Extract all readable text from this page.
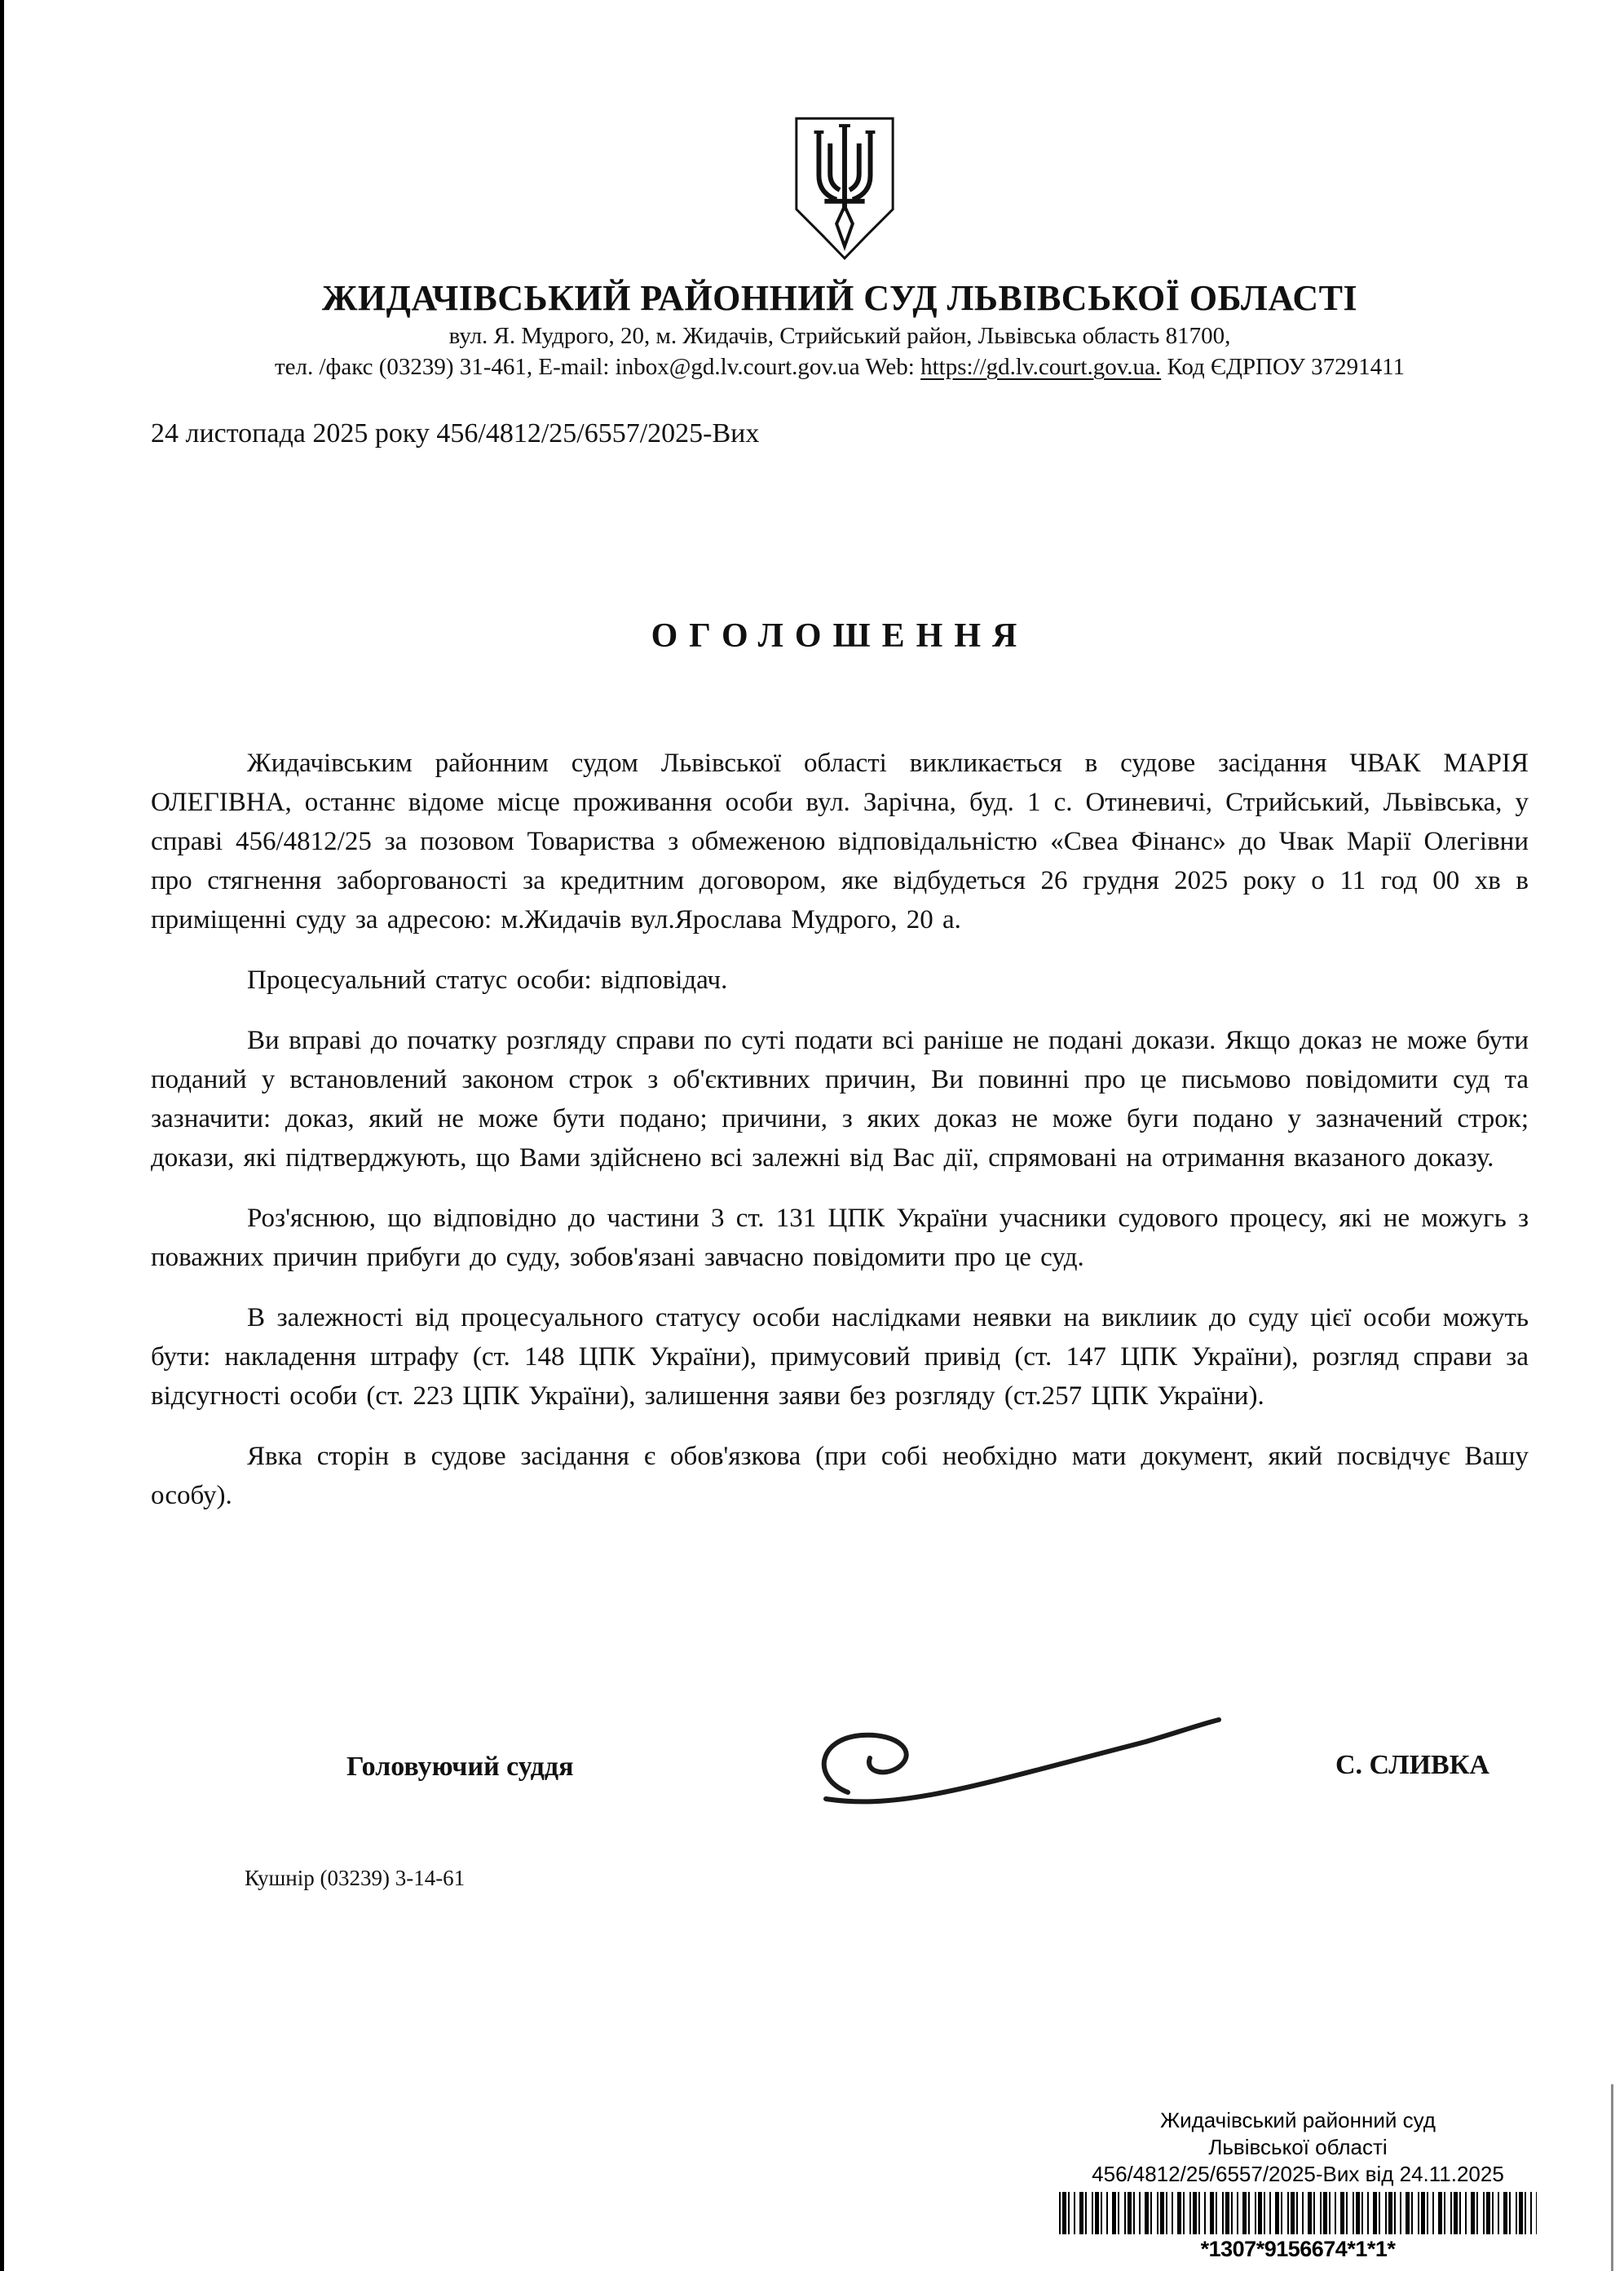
ЖИДАЧІВСЬКИЙ РАЙОННИЙ СУД ЛЬВІВСЬКОЇ ОБЛАСТІ
вул. Я. Мудрого, 20, м. Жидачів, Стрийський район, Львівська область 81700,
тел. /факс (03239) 31-461, E-mail: inbox@gd.lv.court.gov.ua Web: https://gd.lv.court.gov.ua. Код ЄДРПОУ 37291411
24 листопада 2025 року 456/4812/25/6557/2025-Вих
ОГОЛОШЕННЯ

Жидачівським районним судом Львівської області викликається в судове засідання ЧВАК МАРІЯ ОЛЕГІВНА, останнє відоме місце проживання особи вул. Зарічна, буд. 1 с. Отиневичі, Стрийський, Львівська, у справі 456/4812/25 за позовом Товариства з обмеженою відповідальністю «Свеа Фінанс» до Чвак Марії Олегівни про стягнення заборгованості за кредитним договором, яке відбудеться 26 грудня 2025 року о 11 год 00 хв в приміщенні суду за адресою: м.Жидачів вул.Ярослава Мудрого, 20 а.

Процесуальний статус особи: відповідач.

Ви вправі до початку розгляду справи по суті подати всі раніше не подані докази. Якщо доказ не може бути поданий у встановлений законом строк з об'єктивних причин, Ви повинні про це письмово повідомити суд та зазначити: доказ, який не може бути подано; причини, з яких доказ не може буги подано у зазначений строк; докази, які підтверджують, що Вами здійснено всі залежні від Вас дії, спрямовані на отримання вказаного доказу.

Роз'яснюю, що відповідно до частини 3 ст. 131 ЦПК України учасники судового процесу, які не можугь з поважних причин прибуги до суду, зобов'язані завчасно повідомити про це суд.

В залежності від процесуального статусу особи наслідками неявки на виклиик до суду цієї особи можуть бути: накладення штрафу (ст. 148 ЦПК України), примусовий привід (ст. 147 ЦПК України), розгляд справи за відсугності особи (ст. 223 ЦПК України), залишення заяви без розгляду (ст.257 ЦПК України).

Явка сторін в судове засідання є обов'язкова (при собі необхідно мати документ, який посвідчує Вашу особу).

Головуючий суддя	С. СЛИВКА
Кушнір (03239) 3-14-61
Жидачівський районний суд
Львівської області
456/4812/25/6557/2025-Вих від 24.11.2025
*1307*9156674*1*1*
